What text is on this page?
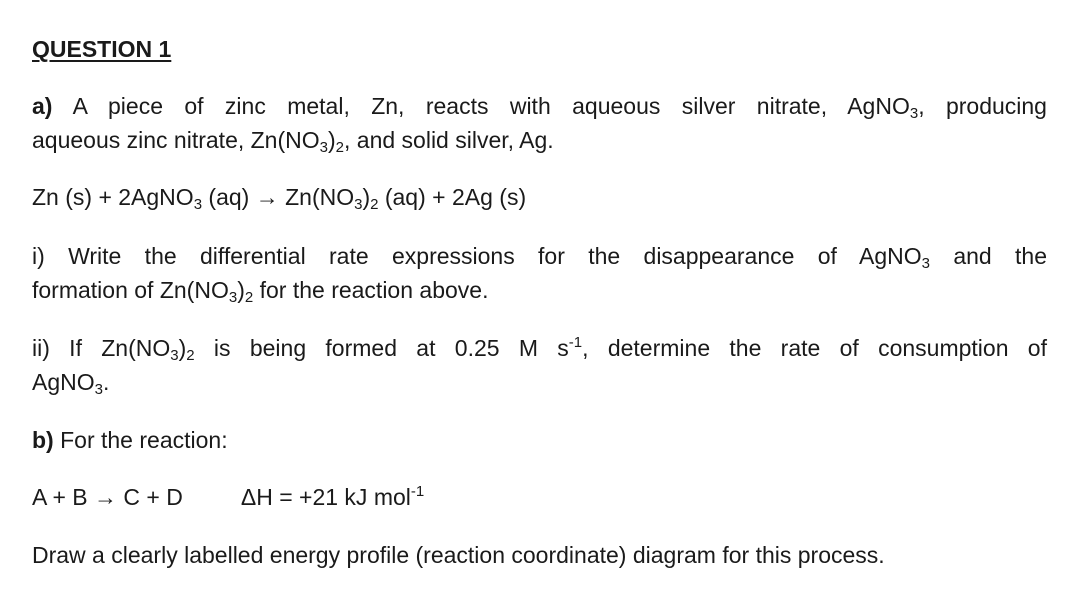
QUESTION 1
a) A piece of zinc metal, Zn, reacts with aqueous silver nitrate, AgNO$_3$, producing
aqueous zinc nitrate, $Zn(NO_3)_2$, and solid silver, Ag.
Zn (s) + 2AgNO$_3$ $(aq) \to Zn(NO_3)_2$ (aq) + 2Ag (s)
i) Write the differential rate expressions for the disappearance of AgNO$_3$ and the
formation of $Zn(NO_3)_2$ for the reaction above.
ii) If $Zn(NO_3)_2$ is being formed at 0.25 M $s^{-1}$, determine the rate of consumption of
AgNO$_3$.
b) For the reaction:
A + B → C + D	ΔH = +21 kJ mol$^{-1}$
Draw a clearly labelled energy profile (reaction coordinate) diagram for this process.
